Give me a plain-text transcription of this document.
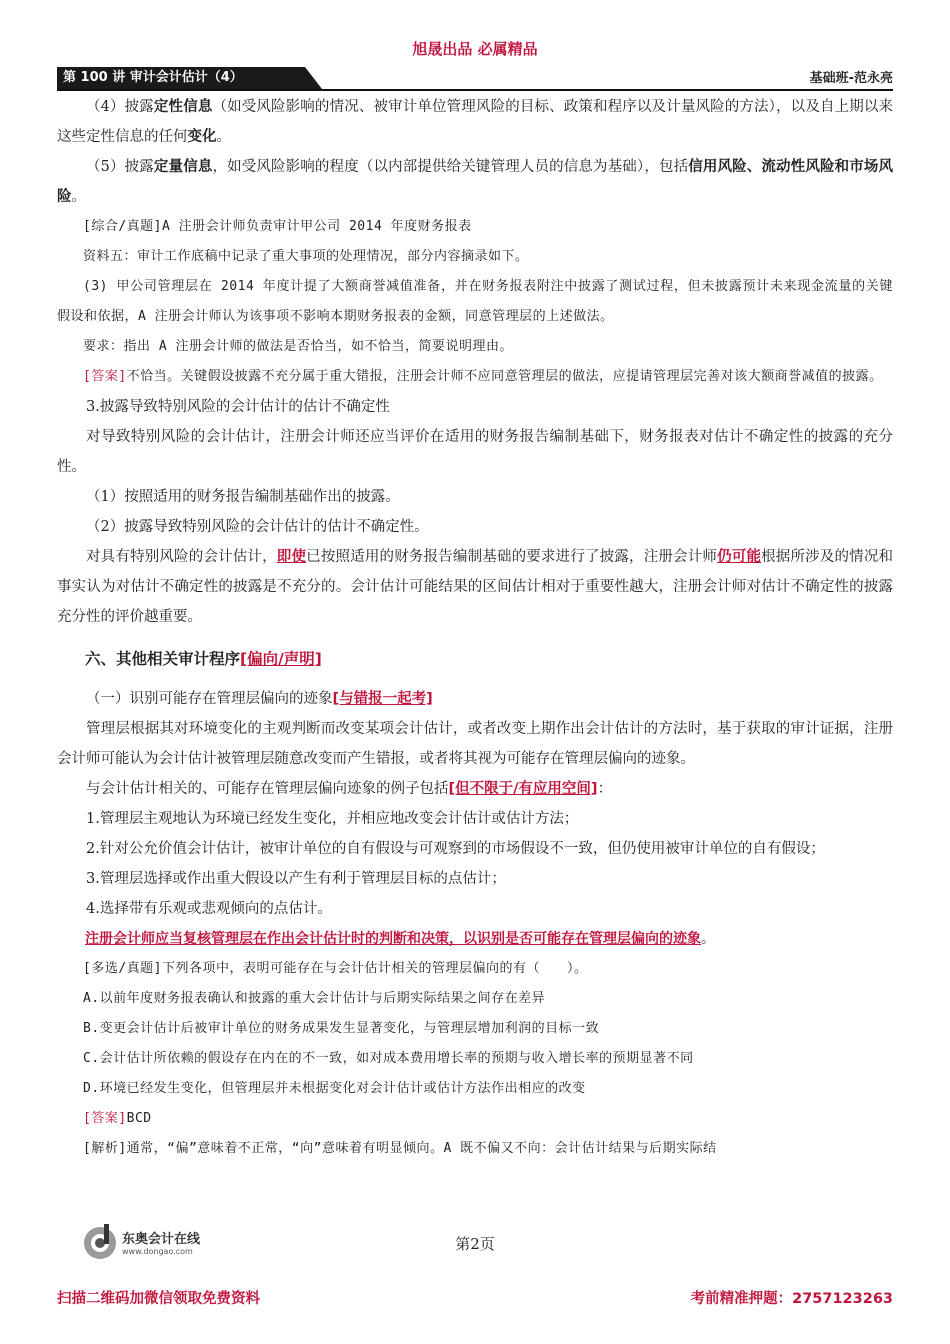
旭晟出品 必属精品
第 100 讲 审计会计估计（4）	基础班-范永亮

（4）披露定性信息（如受风险影响的情况、被审计单位管理风险的目标、政策和程序以及计量风险的方法），以及自上期以来这些定性信息的任何变化。

（5）披露定量信息，如受风险影响的程度（以内部提供给关键管理人员的信息为基础），包括信用风险、流动性风险和市场风险。

[综合/真题]A 注册会计师负责审计甲公司 2014 年度财务报表

资料五：审计工作底稿中记录了重大事项的处理情况，部分内容摘录如下。

(3) 甲公司管理层在 2014 年度计提了大额商誉减值准备，并在财务报表附注中披露了测试过程，但未披露预计未来现金流量的关键假设和依据，A 注册会计师认为该事项不影响本期财务报表的金额，同意管理层的上述做法。

要求：指出 A 注册会计师的做法是否恰当，如不恰当，简要说明理由。

[答案]不恰当。关键假设披露不充分属于重大错报，注册会计师不应同意管理层的做法，应提请管理层完善对该大额商誉减值的披露。

3.披露导致特别风险的会计估计的估计不确定性

对导致特别风险的会计估计，注册会计师还应当评价在适用的财务报告编制基础下，财务报表对估计不确定性的披露的充分性。

（1）按照适用的财务报告编制基础作出的披露。

（2）披露导致特别风险的会计估计的估计不确定性。

对具有特别风险的会计估计，即使已按照适用的财务报告编制基础的要求进行了披露，注册会计师仍可能根据所涉及的情况和事实认为对估计不确定性的披露是不充分的。会计估计可能结果的区间估计相对于重要性越大，注册会计师对估计不确定性的披露充分性的评价越重要。

六、其他相关审计程序[偏向/声明]

（一）识别可能存在管理层偏向的迹象[与错报一起考]

管理层根据其对环境变化的主观判断而改变某项会计估计，或者改变上期作出会计估计的方法时，基于获取的审计证据，注册会计师可能认为会计估计被管理层随意改变而产生错报，或者将其视为可能存在管理层偏向的迹象。

与会计估计相关的、可能存在管理层偏向迹象的例子包括[但不限于/有应用空间]：

1.管理层主观地认为环境已经发生变化，并相应地改变会计估计或估计方法；

2.针对公允价值会计估计，被审计单位的自有假设与可观察到的市场假设不一致，但仍使用被审计单位的自有假设；

3.管理层选择或作出重大假设以产生有利于管理层目标的点估计；

4.选择带有乐观或悲观倾向的点估计。

注册会计师应当复核管理层在作出会计估计时的判断和决策，以识别是否可能存在管理层偏向的迹象。

[多选/真题]下列各项中，表明可能存在与会计估计相关的管理层偏向的有（　　）。

A.以前年度财务报表确认和披露的重大会计估计与后期实际结果之间存在差异

B.变更会计估计后被审计单位的财务成果发生显著变化，与管理层增加利润的目标一致

C.会计估计所依赖的假设存在内在的不一致，如对成本费用增长率的预期与收入增长率的预期显著不同

D.环境已经发生变化，但管理层并未根据变化对会计估计或估计方法作出相应的改变

[答案]BCD

[解析]通常，“偏”意味着不正常，“向”意味着有明显倾向。A 既不偏又不向：会计估计结果与后期实际结

东奥会计在线
www.dongao.com	第2页
扫描二维码加微信领取免费资料	考前精准押题：2757123263
